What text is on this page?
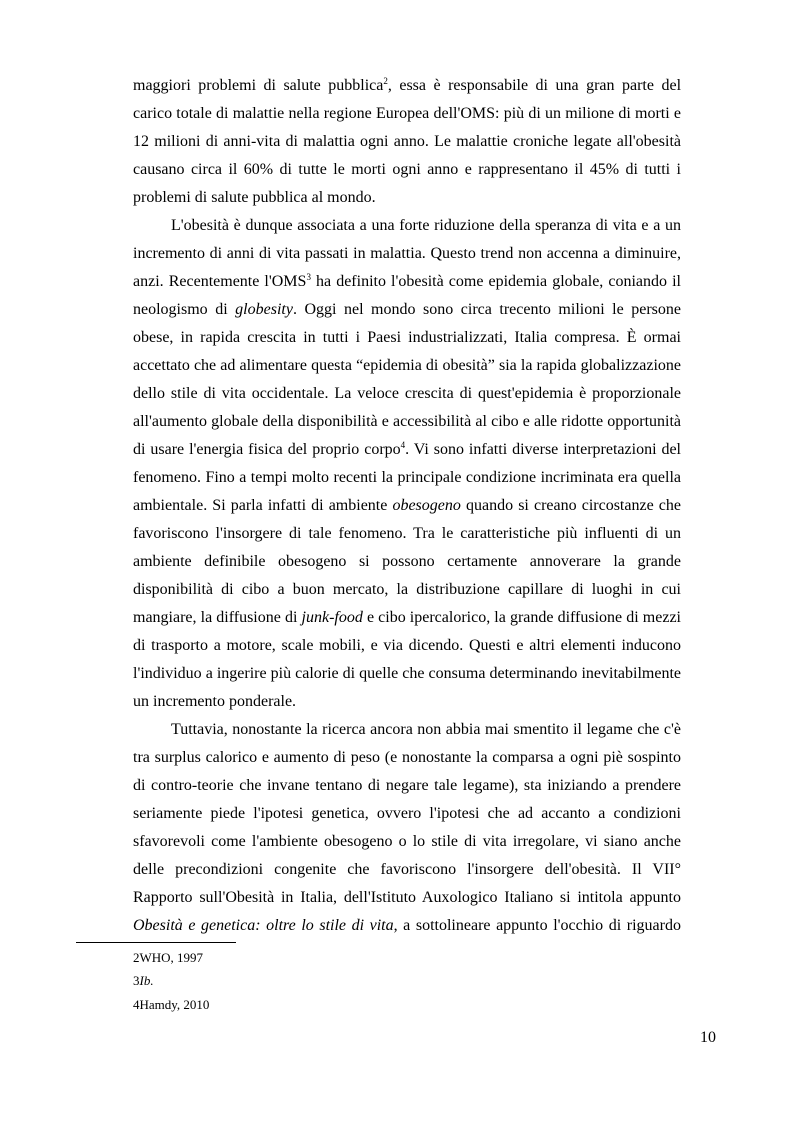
maggiori problemi di salute pubblica$^2$, essa è responsabile di una gran parte del
carico totale di malattie nella regione Europea dell'OMS: più di un milione di morti e
12 milioni di anni-vita di malattia ogni anno. Le malattie croniche legate all'obesità
causano circa il 60% di tutte le morti ogni anno e rappresentano il 45% di tutti i
problemi di salute pubblica al mondo.
L'obesità è dunque associata a una forte riduzione della speranza di vita e a un
incremento di anni di vita passati in malattia. Questo trend non accenna a diminuire,
anzi. Recentemente l'OMS$^3$ ha definito l'obesità come epidemia globale, coniando il
neologismo di globesity. Oggi nel mondo sono circa trecento milioni le persone
obese, in rapida crescita in tutti i Paesi industrializzati, Italia compresa. È ormai
accettato che ad alimentare questa “epidemia di obesità” sia la rapida globalizzazione
dello stile di vita occidentale. La veloce crescita di quest'epidemia è proporzionale
all'aumento globale della disponibilità e accessibilità al cibo e alle ridotte opportunità
di usare l'energia fisica del proprio corpo$^4$. Vi sono infatti diverse interpretazioni del
fenomeno. Fino a tempi molto recenti la principale condizione incriminata era quella
ambientale. Si parla infatti di ambiente obesogeno quando si creano circostanze che
favoriscono l'insorgere di tale fenomeno. Tra le caratteristiche più influenti di un
ambiente definibile obesogeno si possono certamente annoverare la grande
disponibilità di cibo a buon mercato, la distribuzione capillare di luoghi in cui
mangiare, la diffusione di junk-food e cibo ipercalorico, la grande diffusione di mezzi
di trasporto a motore, scale mobili, e via dicendo. Questi e altri elementi inducono
l'individuo a ingerire più calorie di quelle che consuma determinando inevitabilmente
un incremento ponderale.
Tuttavia, nonostante la ricerca ancora non abbia mai smentito il legame che c'è
tra surplus calorico e aumento di peso (e nonostante la comparsa a ogni piè sospinto
di contro-teorie che invane tentano di negare tale legame), sta iniziando a prendere
seriamente piede l'ipotesi genetica, ovvero l'ipotesi che ad accanto a condizioni
sfavorevoli come l'ambiente obesogeno o lo stile di vita irregolare, vi siano anche
delle precondizioni congenite che favoriscono l'insorgere dell'obesità. Il VII°
Rapporto sull'Obesità in Italia, dell'Istituto Auxologico Italiano si intitola appunto
Obesità e genetica: oltre lo stile di vita, a sottolineare appunto l'occhio di riguardo
2WHO, 1997
3Ib.
4Hamdy, 2010
10
